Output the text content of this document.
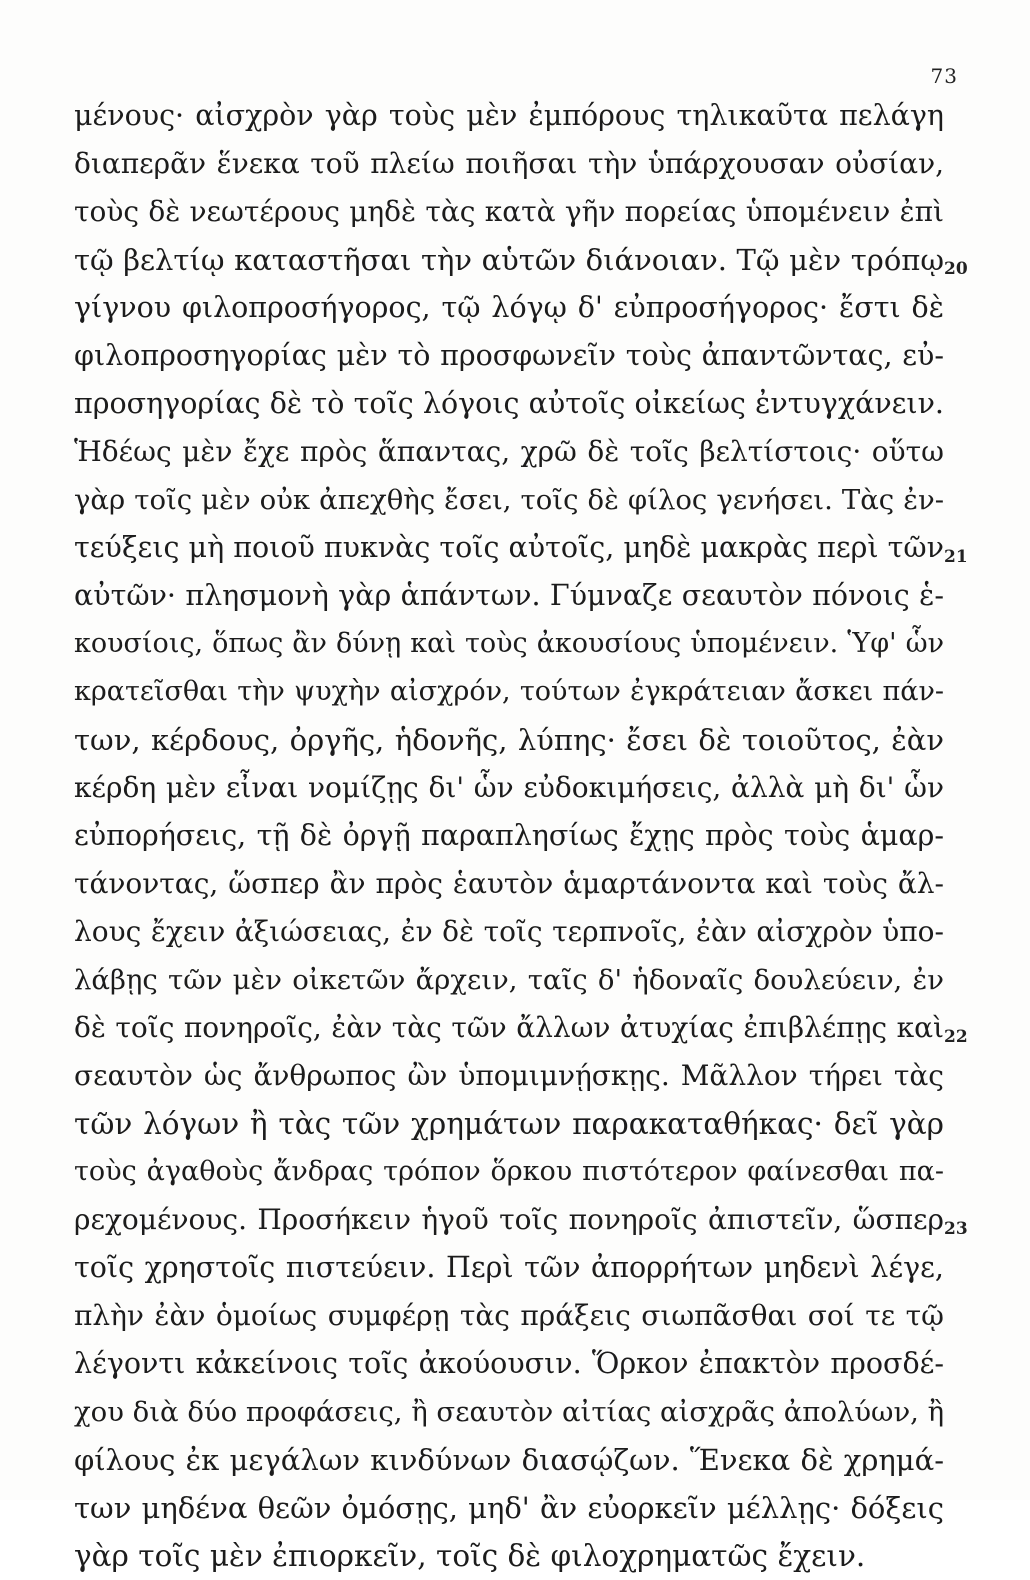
73
μένους· αἰσχρὸν γὰρ τοὺς μὲν ἐμπόρους τηλικαῦτα πελάγη
διαπερᾶν ἕνεκα τοῦ πλείω ποιῆσαι τὴν ὑπάρχουσαν οὐσίαν,
τοὺς δὲ νεωτέρους μηδὲ τὰς κατὰ γῆν πορείας ὑπομένειν ἐπὶ
τῷ βελτίῳ καταστῆσαι τὴν αὑτῶν διάνοιαν. Τῷ μὲν τρόπῳ
γίγνου φιλοπροσήγορος, τῷ λόγῳ δ' εὐπροσήγορος· ἔστι δὲ
φιλοπροσηγορίας μὲν τὸ προσφωνεῖν τοὺς ἀπαντῶντας, εὐ-
προσηγορίας δὲ τὸ τοῖς λόγοις αὐτοῖς οἰκείως ἐντυγχάνειν.
Ἡδέως μὲν ἔχε πρὸς ἅπαντας, χρῶ δὲ τοῖς βελτίστοις· οὕτω
γὰρ τοῖς μὲν οὐκ ἀπεχθὴς ἔσει, τοῖς δὲ φίλος γενήσει. Τὰς ἐν-
τεύξεις μὴ ποιοῦ πυκνὰς τοῖς αὐτοῖς, μηδὲ μακρὰς περὶ τῶν
αὐτῶν· πλησμονὴ γὰρ ἁπάντων. Γύμναζε σεαυτὸν πόνοις ἑ-
κουσίοις, ὅπως ἂν δύνῃ καὶ τοὺς ἀκουσίους ὑπομένειν. Ὑφ' ὧν
κρατεῖσθαι τὴν ψυχὴν αἰσχρόν, τούτων ἐγκράτειαν ἄσκει πάν-
των, κέρδους, ὀργῆς, ἡδονῆς, λύπης· ἔσει δὲ τοιοῦτος, ἐὰν
κέρδη μὲν εἶναι νομίζῃς δι' ὧν εὐδοκιμήσεις, ἀλλὰ μὴ δι' ὧν
εὐπορήσεις, τῇ δὲ ὀργῇ παραπλησίως ἔχῃς πρὸς τοὺς ἁμαρ-
τάνοντας, ὥσπερ ἂν πρὸς ἑαυτὸν ἁμαρτάνοντα καὶ τοὺς ἄλ-
λους ἔχειν ἀξιώσειας, ἐν δὲ τοῖς τερπνοῖς, ἐὰν αἰσχρὸν ὑπο-
λάβῃς τῶν μὲν οἰκετῶν ἄρχειν, ταῖς δ' ἡδοναῖς δουλεύειν, ἐν
δὲ τοῖς πονηροῖς, ἐὰν τὰς τῶν ἄλλων ἀτυχίας ἐπιβλέπῃς καὶ
σεαυτὸν ὡς ἄνθρωπος ὢν ὑπομιμνῄσκῃς. Μᾶλλον τήρει τὰς
τῶν λόγων ἢ τὰς τῶν χρημάτων παρακαταθήκας· δεῖ γὰρ
τοὺς ἀγαθοὺς ἄνδρας τρόπον ὅρκου πιστότερον φαίνεσθαι πα-
ρεχομένους. Προσήκειν ἡγοῦ τοῖς πονηροῖς ἀπιστεῖν, ὥσπερ
τοῖς χρηστοῖς πιστεύειν. Περὶ τῶν ἀπορρήτων μηδενὶ λέγε,
πλὴν ἐὰν ὁμοίως συμφέρῃ τὰς πράξεις σιωπᾶσθαι σοί τε τῷ
λέγοντι κἀκείνοις τοῖς ἀκούουσιν. Ὅρκον ἐπακτὸν προσδέ-
χου διὰ δύο προφάσεις, ἢ σεαυτὸν αἰτίας αἰσχρᾶς ἀπολύων, ἢ
φίλους ἐκ μεγάλων κινδύνων διασῴζων. Ἕνεκα δὲ χρημά-
των μηδένα θεῶν ὀμόσῃς, μηδ' ἂν εὐορκεῖν μέλλῃς· δόξεις
γὰρ τοῖς μὲν ἐπιορκεῖν, τοῖς δὲ φιλοχρηματῶς ἔχειν.
20
21
22
23
